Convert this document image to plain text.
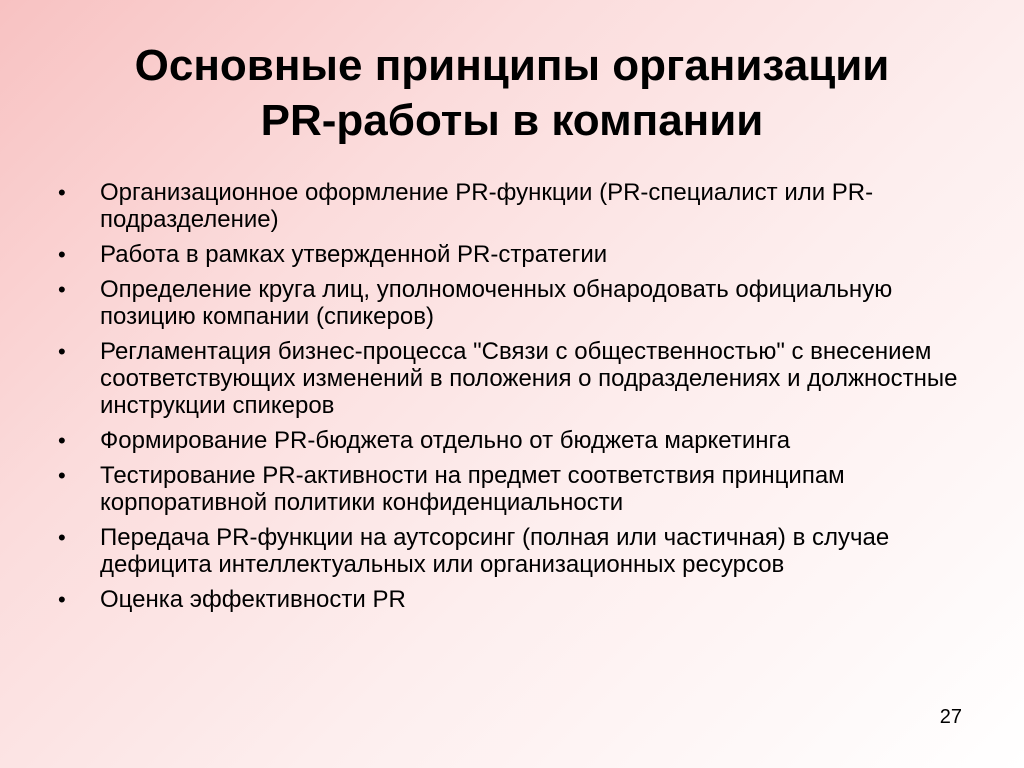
Основные принципы организации
PR-работы в компании
•	Организационное оформление PR-функции (PR-специалист или PR-подразделение)
•	Работа в рамках утвержденной PR-стратегии
•	Определение круга лиц, уполномоченных обнародовать официальную позицию компании (спикеров)
•	Регламентация бизнес-процесса "Связи с общественностью" с внесением соответствующих изменений в положения о подразделениях и должностные инструкции спикеров
•	Формирование PR-бюджета отдельно от бюджета маркетинга
•	Тестирование PR-активности на предмет соответствия принципам корпоративной политики конфиденциальности
•	Передача PR-функции на аутсорсинг (полная или частичная) в случае дефицита интеллектуальных или организационных ресурсов
•	Оценка эффективности PR
27
